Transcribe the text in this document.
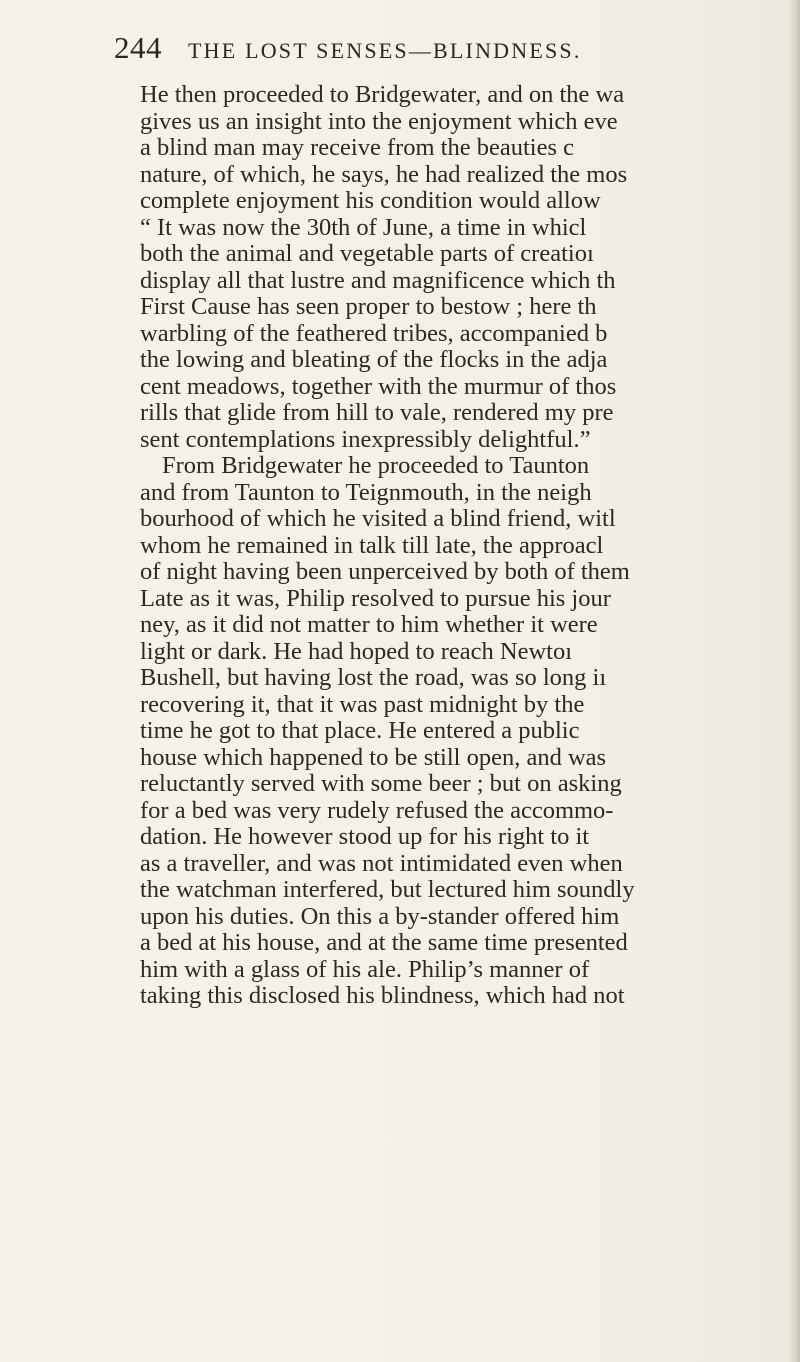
244 THE LOST SENSES—BLINDNESS.
He then proceeded to Bridgewater, and on the wa
gives us an insight into the enjoyment which eve
a blind man may receive from the beauties c
nature, of which, he says, he had realized the mos
complete enjoyment his condition would allow
“ It was now the 30th of June, a time in whicl
both the animal and vegetable parts of creatioı
display all that lustre and magnificence which th
First Cause has seen proper to bestow ; here th
warbling of the feathered tribes, accompanied b
the lowing and bleating of the flocks in the adja
cent meadows, together with the murmur of thos
rills that glide from hill to vale, rendered my pre
sent contemplations inexpressibly delightful.”
From Bridgewater he proceeded to Taunton
and from Taunton to Teignmouth, in the neigh
bourhood of which he visited a blind friend, witl
whom he remained in talk till late, the approacl
of night having been unperceived by both of them
Late as it was, Philip resolved to pursue his jour
ney, as it did not matter to him whether it were
light or dark. He had hoped to reach Newtoı
Bushell, but having lost the road, was so long iı
recovering it, that it was past midnight by the
time he got to that place. He entered a public
house which happened to be still open, and was
reluctantly served with some beer ; but on asking
for a bed was very rudely refused the accommo-
dation. He however stood up for his right to it
as a traveller, and was not intimidated even when
the watchman interfered, but lectured him soundly
upon his duties. On this a by-stander offered him
a bed at his house, and at the same time presented
him with a glass of his ale. Philip’s manner of
taking this disclosed his blindness, which had not
